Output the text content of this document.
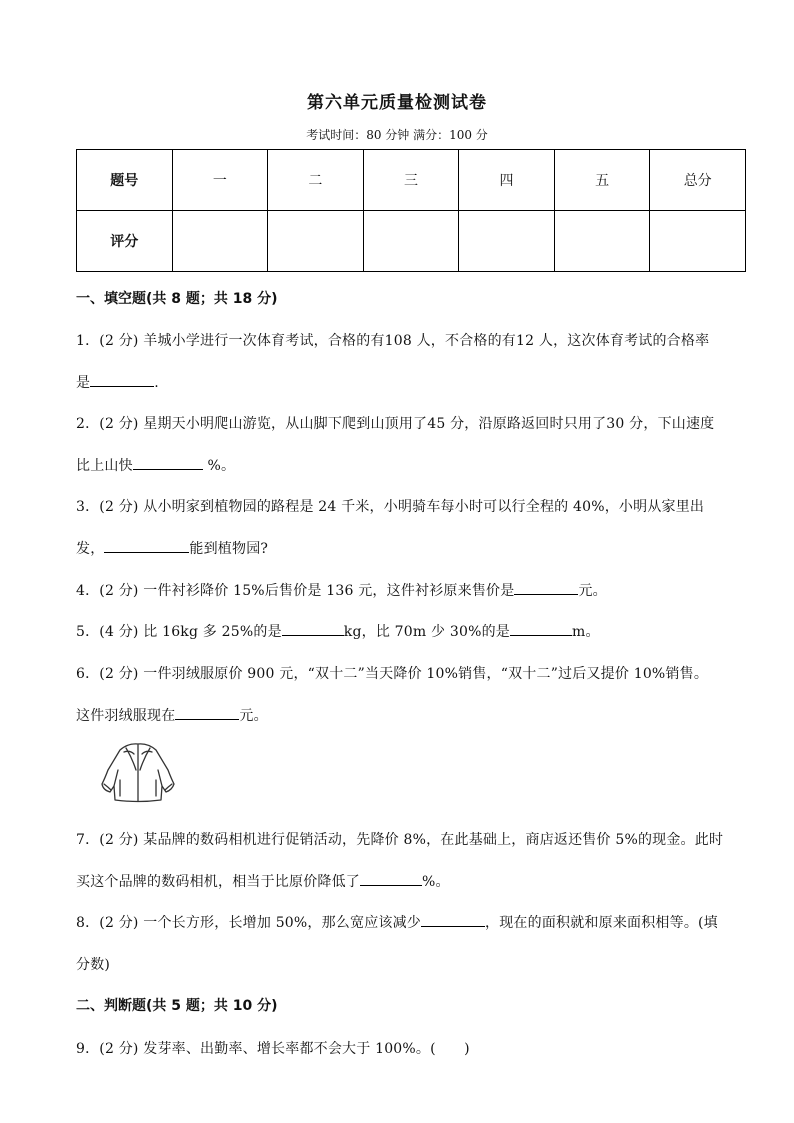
第六单元质量检测试卷
考试时间：80 分钟 满分：100 分
题号	一	二	三	四	五	总分
评分						
一、填空题(共 8 题；共 18 分)
1．(2 分) 羊城小学进行一次体育考试，合格的有108 人，不合格的有12 人，这次体育考试的合格率
是	.
2．(2 分) 星期天小明爬山游览，从山脚下爬到山顶用了45 分，沿原路返回时只用了30 分，下山速度
比上山快	%。
3．(2 分) 从小明家到植物园的路程是 24 千米，小明骑车每小时可以行全程的 40%，小明从家里出
发，	能到植物园?
4．(2 分) 一件衬衫降价 15%后售价是 136 元，这件衬衫原来售价是	元。
5．(4 分) 比 16kg 多 25%的是	kg，比 70m 少 30%的是	m。
6．(2 分) 一件羽绒服原价 900 元，“双十二”当天降价 10%销售，“双十二”过后又提价 10%销售。
这件羽绒服现在	元。
7．(2 分) 某品牌的数码相机进行促销活动，先降价 8%，在此基础上，商店返还售价 5%的现金。此时
买这个品牌的数码相机，相当于比原价降低了	%。
8．(2 分) 一个长方形，长增加 50%，那么宽应该减少	，现在的面积就和原来面积相等。(填
分数)
二、判断题(共 5 题；共 10 分)
9．(2 分) 发芽率、出勤率、增长率都不会大于 100%。(　　)
